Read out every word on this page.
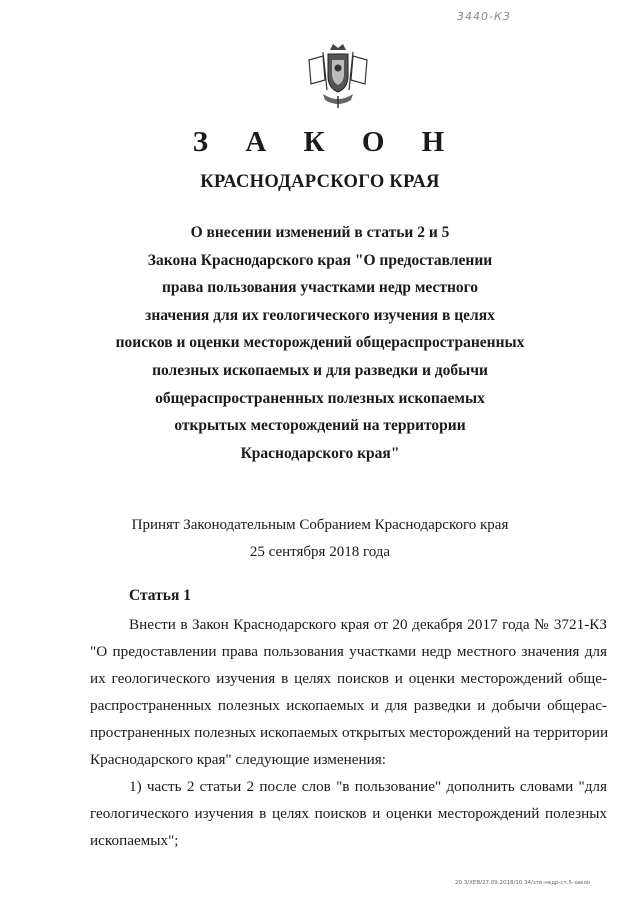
3440-КЗ
З А К О Н
КРАСНОДАРСКОГО КРАЯ
О внесении изменений в статьи 2 и 5
Закона Краснодарского края "О предоставлении
права пользования участками недр местного
значения для их геологического изучения в целях
поисков и оценки месторождений общераспространенных
полезных ископаемых и для разведки и добычи
общераспространенных полезных ископаемых
открытых месторождений на территории
Краснодарского края"
Принят Законодательным Собранием Краснодарского края
25 сентября 2018 года
Статья 1
Внести в Закон Краснодарского края от 20 декабря 2017 года № 3721-КЗ
"О предоставлении права пользования участками недр местного значения для
их геологического изучения в целях поисков и оценки месторождений обще-
распространенных полезных ископаемых и для разведки и добычи общерас-
пространенных полезных ископаемых открытых месторождений на территории
Краснодарского края" следующие изменения:
1) часть 2 статьи 2 после слов "в пользование" дополнить словами "для
геологического изучения в целях поисков и оценки месторождений полезных
ископаемых";
20.3/XEB/27.09.2018/10.34/зтв-недр-ст.5-закон
